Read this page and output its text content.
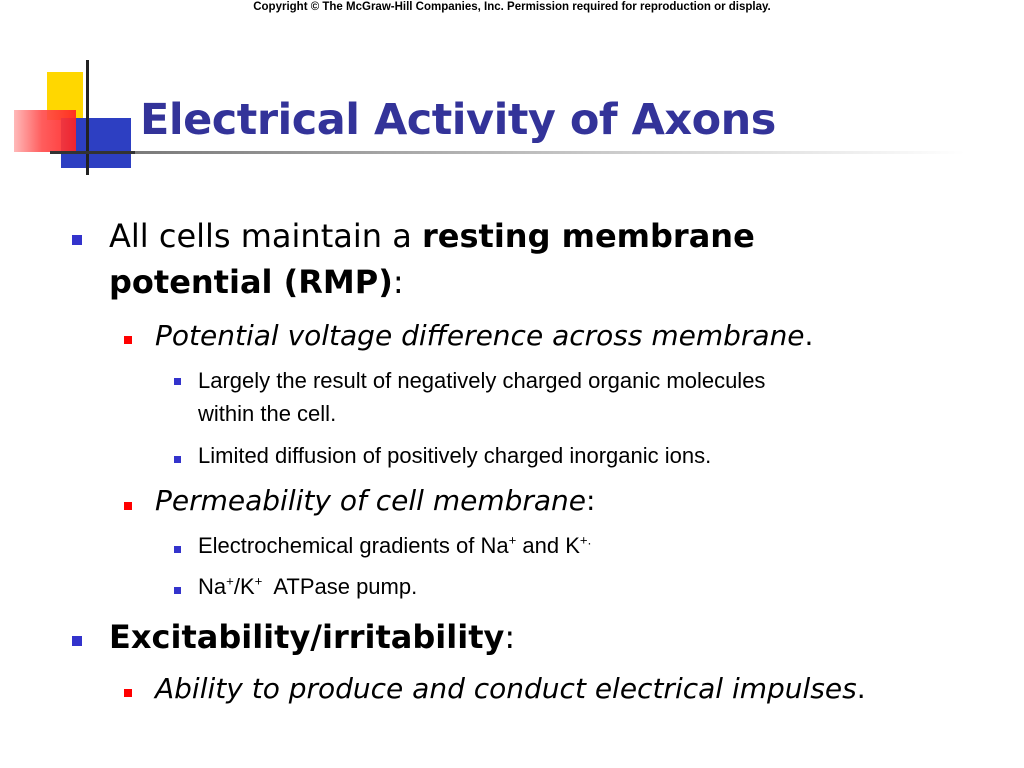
Copyright © The McGraw-Hill Companies, Inc. Permission required for reproduction or display.
Electrical Activity of Axons
All cells maintain a resting membrane
potential (RMP):
Potential voltage difference across membrane.
Largely the result of negatively charged organic molecules
within the cell.
Limited diffusion of positively charged inorganic ions.
Permeability of cell membrane:
Electrochemical gradients of Na+ and K+.
Na+/K+  ATPase pump.
Excitability/irritability:
Ability to produce and conduct electrical impulses.
